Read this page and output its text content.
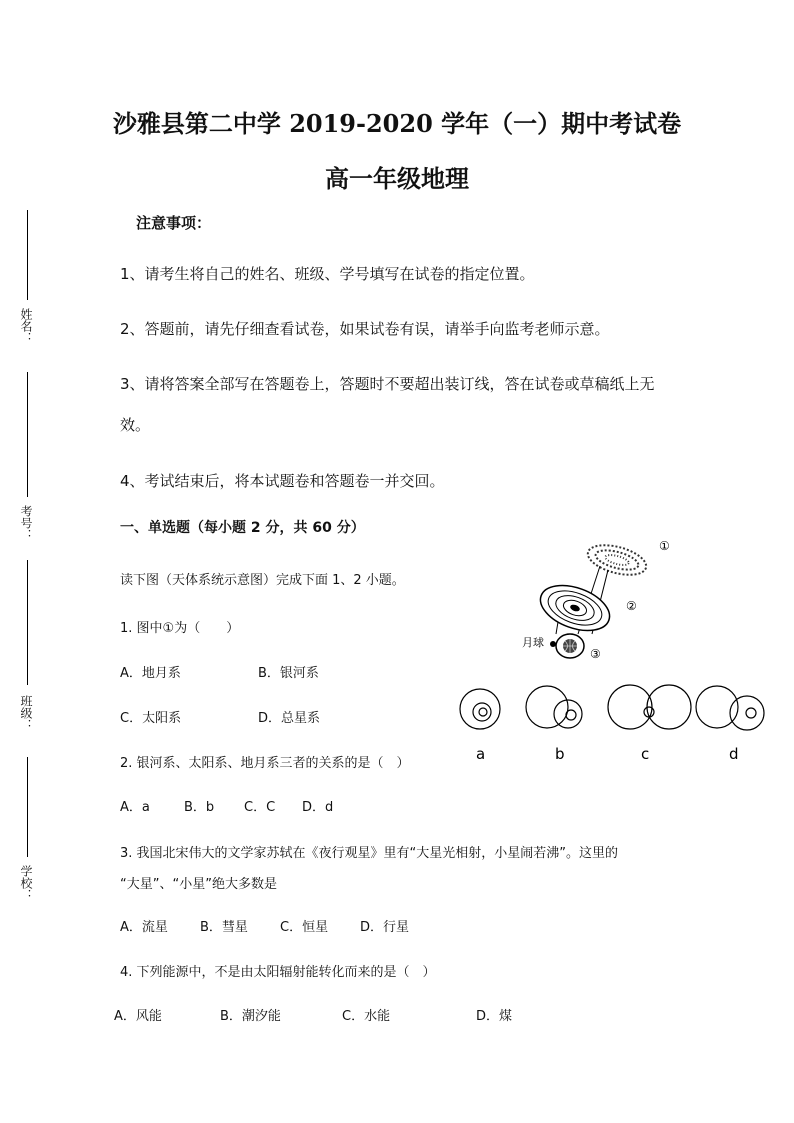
姓名：
考号：
班级：
学校：
沙雅县第二中学 2019-2020 学年（一）期中考试卷
高一年级地理
注意事项：
1、请考生将自己的姓名、班级、学号填写在试卷的指定位置。
2、答题前，请先仔细查看试卷，如果试卷有误，请举手向监考老师示意。
3、请将答案全部写在答题卷上，答题时不要超出装订线，答在试卷或草稿纸上无
效。
4、考试结束后，将本试题卷和答题卷一并交回。
一、单选题（每小题 2 分，共 60 分）
读下图（天体系统示意图）完成下面 1、2 小题。
1. 图中①为（　　）
A．地月系	B．银河系
C．太阳系	D．总星系
2. 银河系、太阳系、地月系三者的关系的是（　）
A．a	B．b C．C D．d
3. 我国北宋伟大的文学家苏轼在《夜行观星》里有“大星光相射，小星闹若沸”。这里的
“大星”、“小星”绝大多数是
A．流星 B．彗星 C．恒星 D．行星
4. 下列能源中，不是由太阳辐射能转化而来的是（　）
A．风能	B．潮汐能	C．水能	D．煤
①
②
③
月球
a	b	c	d
